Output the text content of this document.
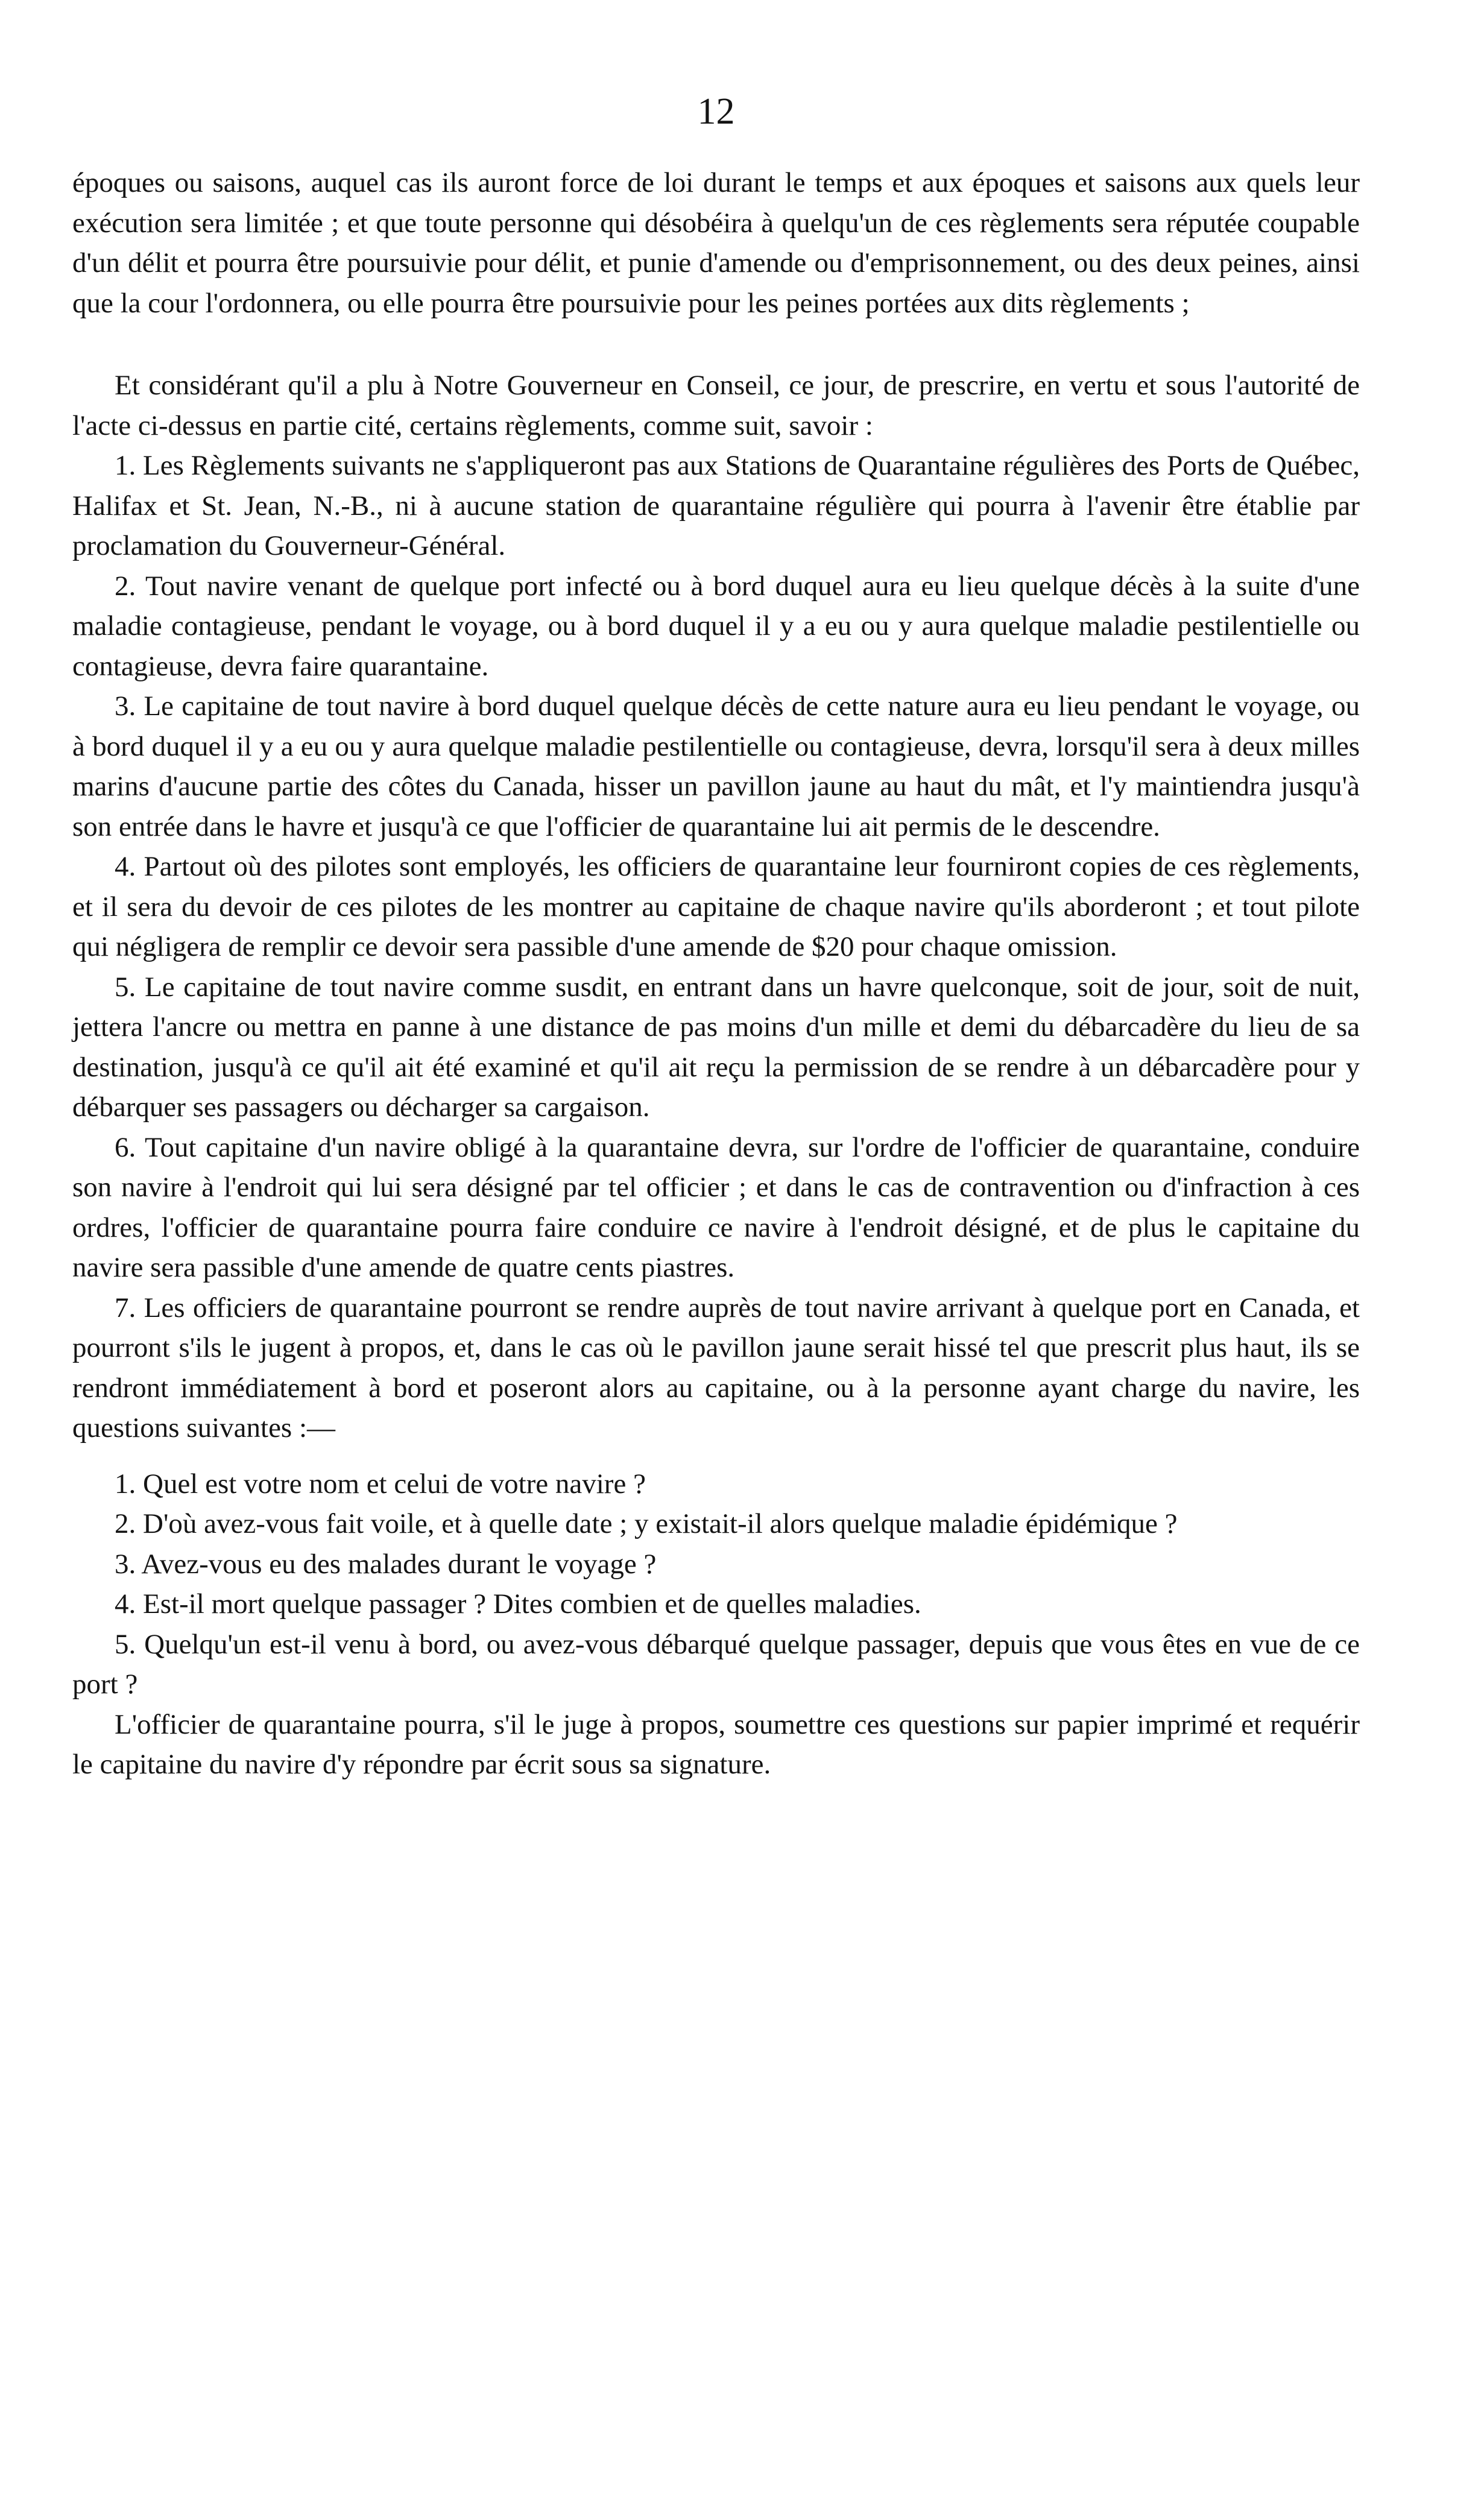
12

époques ou saisons, auquel cas ils auront force de loi durant le temps et aux époques et saisons aux quels leur exécution sera limitée ; et que toute personne qui désobéira à quelqu'un de ces règlements sera réputée coupable d'un délit et pourra être poursuivie pour délit, et punie d'amende ou d'emprisonnement, ou des deux peines, ainsi que la cour l'ordonnera, ou elle pourra être poursuivie pour les peines portées aux dits règlements ;

Et considérant qu'il a plu à Notre Gouverneur en Conseil, ce jour, de prescrire, en vertu et sous l'autorité de l'acte ci-dessus en partie cité, certains règlements, comme suit, savoir :

1. Les Règlements suivants ne s'appliqueront pas aux Stations de Quarantaine régulières des Ports de Québec, Halifax et St. Jean, N.-B., ni à aucune station de quarantaine régulière qui pourra à l'avenir être établie par proclamation du Gouverneur-Général.

2. Tout navire venant de quelque port infecté ou à bord duquel aura eu lieu quelque décès à la suite d'une maladie contagieuse, pendant le voyage, ou à bord duquel il y a eu ou y aura quelque maladie pestilentielle ou contagieuse, devra faire quarantaine.

3. Le capitaine de tout navire à bord duquel quelque décès de cette nature aura eu lieu pendant le voyage, ou à bord duquel il y a eu ou y aura quelque maladie pestilentielle ou contagieuse, devra, lorsqu'il sera à deux milles marins d'aucune partie des côtes du Canada, hisser un pavillon jaune au haut du mât, et l'y maintiendra jusqu'à son entrée dans le havre et jusqu'à ce que l'officier de quarantaine lui ait permis de le descendre.

4. Partout où des pilotes sont employés, les officiers de quarantaine leur fourniront copies de ces règlements, et il sera du devoir de ces pilotes de les montrer au capitaine de chaque navire qu'ils aborderont ; et tout pilote qui négligera de remplir ce devoir sera passible d'une amende de $20 pour chaque omission.

5. Le capitaine de tout navire comme susdit, en entrant dans un havre quelconque, soit de jour, soit de nuit, jettera l'ancre ou mettra en panne à une distance de pas moins d'un mille et demi du débarcadère du lieu de sa destination, jusqu'à ce qu'il ait été examiné et qu'il ait reçu la permission de se rendre à un débarcadère pour y débarquer ses passagers ou décharger sa cargaison.

6. Tout capitaine d'un navire obligé à la quarantaine devra, sur l'ordre de l'officier de quarantaine, conduire son navire à l'endroit qui lui sera désigné par tel officier ; et dans le cas de contravention ou d'infraction à ces ordres, l'officier de quarantaine pourra faire conduire ce navire à l'endroit désigné, et de plus le capitaine du navire sera passible d'une amende de quatre cents piastres.

7. Les officiers de quarantaine pourront se rendre auprès de tout navire arrivant à quelque port en Canada, et pourront s'ils le jugent à propos, et, dans le cas où le pavillon jaune serait hissé tel que prescrit plus haut, ils se rendront immédiatement à bord et poseront alors au capitaine, ou à la personne ayant charge du navire, les questions suivantes :—

1. Quel est votre nom et celui de votre navire ?

2. D'où avez-vous fait voile, et à quelle date ; y existait-il alors quelque maladie épidémique ?

3. Avez-vous eu des malades durant le voyage ?

4. Est-il mort quelque passager ? Dites combien et de quelles maladies.

5. Quelqu'un est-il venu à bord, ou avez-vous débarqué quelque passager, depuis que vous êtes en vue de ce port ?

L'officier de quarantaine pourra, s'il le juge à propos, soumettre ces questions sur papier imprimé et requérir le capitaine du navire d'y répondre par écrit sous sa signature.
